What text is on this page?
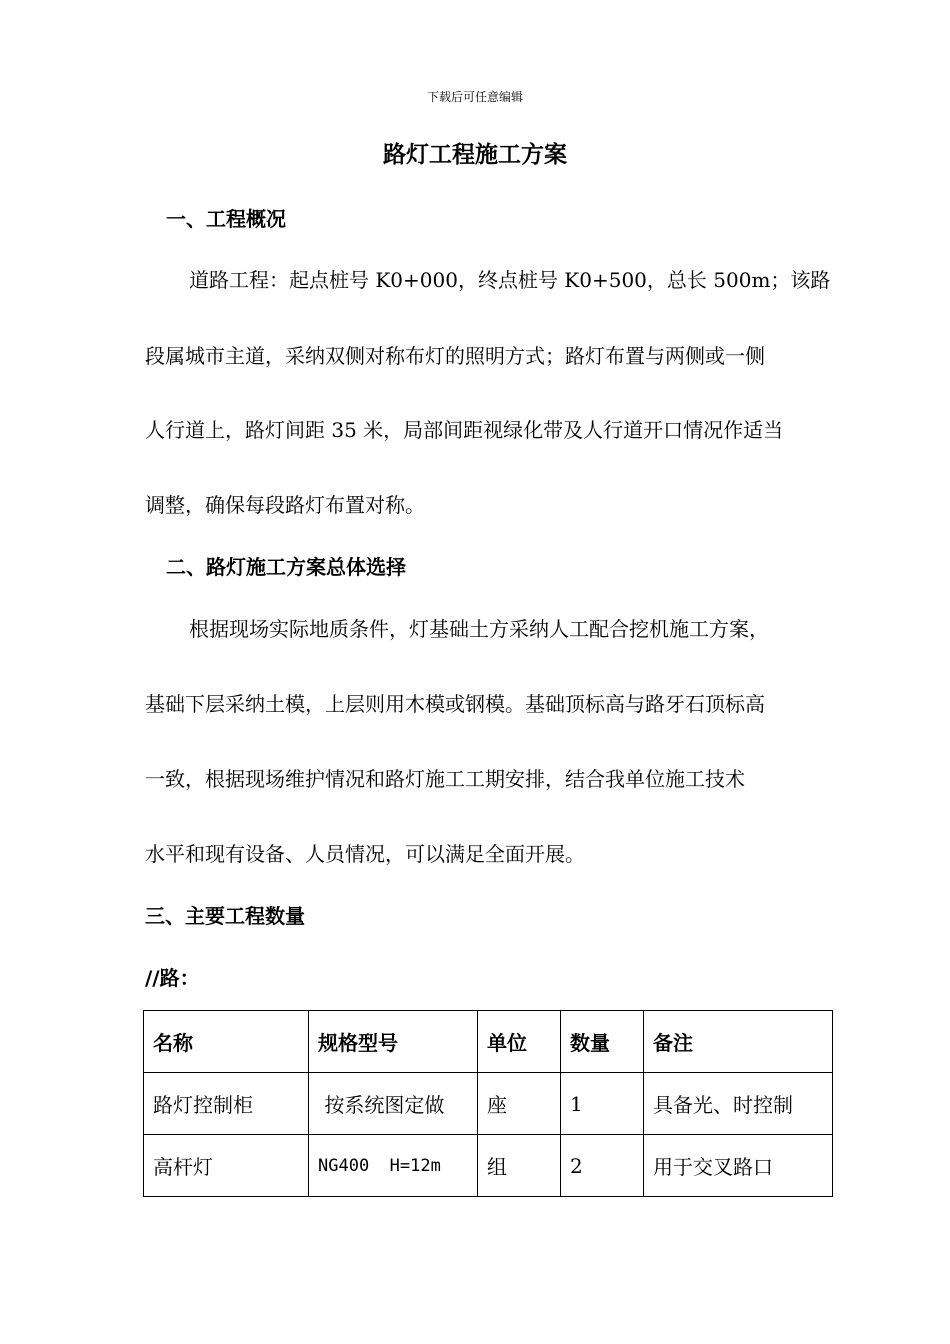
下载后可任意编辑
路灯工程施工方案
一、工程概况
道路工程：起点桩号 K0+000，终点桩号 K0+500，总长 500m；该路
段属城市主道，采纳双侧对称布灯的照明方式；路灯布置与两侧或一侧
人行道上，路灯间距 35 米，局部间距视绿化带及人行道开口情况作适当
调整，确保每段路灯布置对称。
二、路灯施工方案总体选择
根据现场实际地质条件，灯基础土方采纳人工配合挖机施工方案，
基础下层采纳土模，上层则用木模或钢模。基础顶标高与路牙石顶标高
一致，根据现场维护情况和路灯施工工期安排，结合我单位施工技术
水平和现有设备、人员情况，可以满足全面开展。
三、主要工程数量
//路：
名称	规格型号	单位	数量	备注
路灯控制柜	按系统图定做	座	1	具备光、时控制
高杆灯	NG400  H=12m	组	2	用于交叉路口
